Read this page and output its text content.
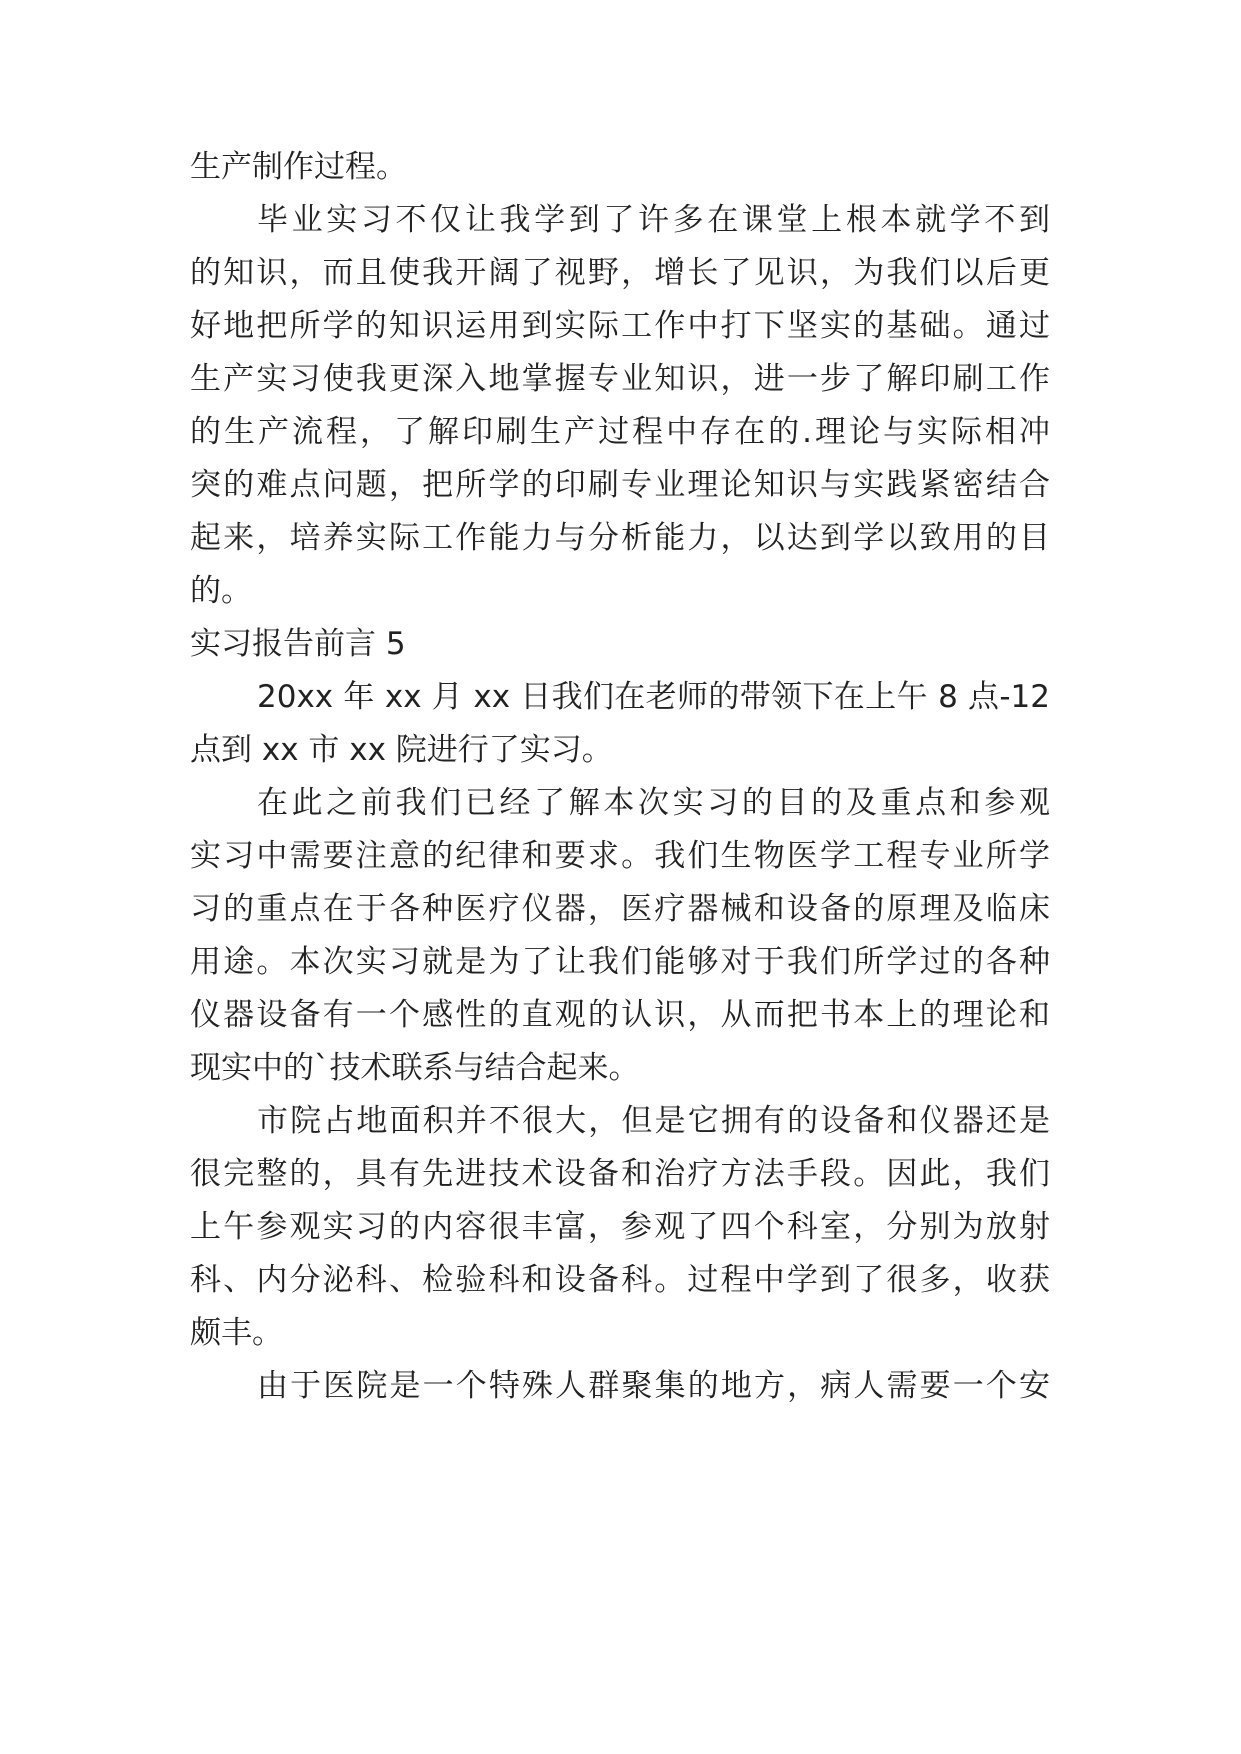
生产制作过程。
毕业实习不仅让我学到了许多在课堂上根本就学不到
的知识，而且使我开阔了视野，增长了见识，为我们以后更
好地把所学的知识运用到实际工作中打下坚实的基础。通过
生产实习使我更深入地掌握专业知识，进一步了解印刷工作
的生产流程，了解印刷生产过程中存在的.理论与实际相冲
突的难点问题，把所学的印刷专业理论知识与实践紧密结合
起来，培养实际工作能力与分析能力，以达到学以致用的目
的。
实习报告前言 5
20xx 年 xx 月 xx 日我们在老师的带领下在上午 8 点-12
点到 xx 市 xx 院进行了实习。
在此之前我们已经了解本次实习的目的及重点和参观
实习中需要注意的纪律和要求。我们生物医学工程专业所学
习的重点在于各种医疗仪器，医疗器械和设备的原理及临床
用途。本次实习就是为了让我们能够对于我们所学过的各种
仪器设备有一个感性的直观的认识，从而把书本上的理论和
现实中的`技术联系与结合起来。
市院占地面积并不很大，但是它拥有的设备和仪器还是
很完整的，具有先进技术设备和治疗方法手段。因此，我们
上午参观实习的内容很丰富，参观了四个科室，分别为放射
科、内分泌科、检验科和设备科。过程中学到了很多，收获
颇丰。
由于医院是一个特殊人群聚集的地方，病人需要一个安
